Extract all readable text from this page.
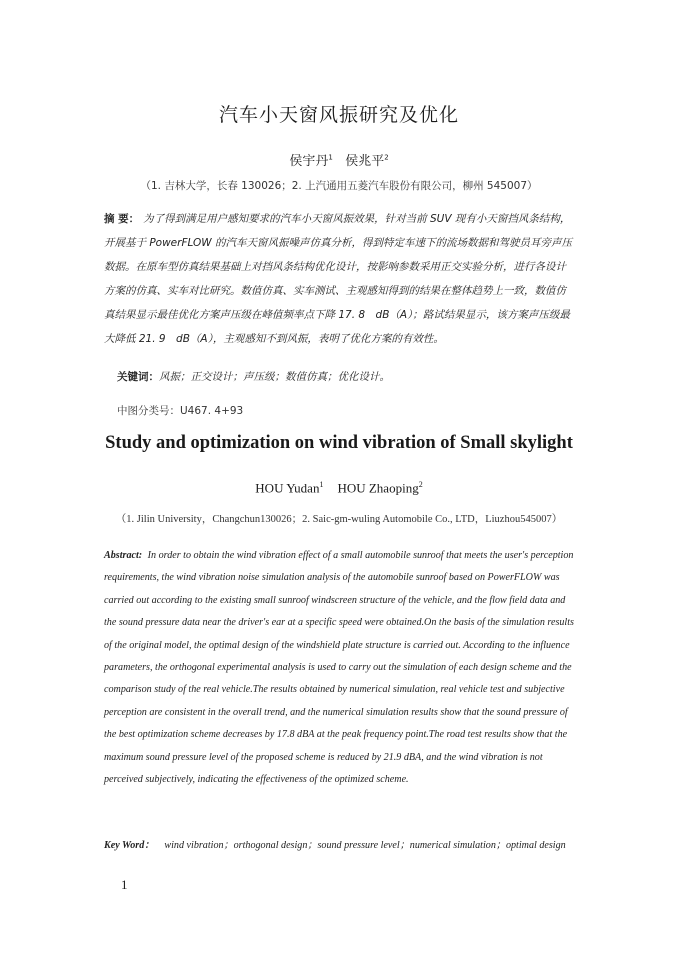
汽车小天窗风振研究及优化
侯宇丹$^1$ 侯兆平$^2$
（1. 吉林大学，长春 130026；2. 上汽通用五菱汽车股份有限公司，柳州 545007）

摘 要： 为了得到满足用户感知要求的汽车小天窗风振效果，针对当前 SUV 现有小天窗挡风条结构，开展基于 PowerFLOW 的汽车天窗风振噪声仿真分析，得到特定车速下的流场数据和驾驶员耳旁声压数据。在原车型仿真结果基础上对挡风条结构优化设计，按影响参数采用正交实验分析，进行各设计方案的仿真、实车对比研究。数值仿真、实车测试、主观感知得到的结果在整体趋势上一致，数值仿真结果显示最佳优化方案声压级在峰值频率点下降 17. 8　dB（A）；路试结果显示，该方案声压级最大降低 21. 9　dB（A），主观感知不到风振，表明了优化方案的有效性。

关键词：风振；正交设计；声压级；数值仿真；优化设计。
中图分类号：U467. 4+93
Study and optimization on wind vibration of Small skylight
HOU Yudan$^1$ HOU Zhaoping$^2$
（1. Jilin University，Changchun130026；2. Saic-gm-wuling Automobile Co., LTD，Liuzhou545007）

Abstract: In order to obtain the wind vibration effect of a small automobile sunroof that meets the user's perception requirements, the wind vibration noise simulation analysis of the automobile sunroof based on PowerFLOW was carried out according to the existing small sunroof windscreen structure of the vehicle, and the flow field data and the sound pressure data near the driver's ear at a specific speed were obtained.On the basis of the simulation results of the original model, the optimal design of the windshield plate structure is carried out. According to the influence parameters, the orthogonal experimental analysis is used to carry out the simulation of each design scheme and the comparison study of the real vehicle.The results obtained by numerical simulation, real vehicle test and subjective perception are consistent in the overall trend, and the numerical simulation results show that the sound pressure of the best optimization scheme decreases by 17.8 dBA at the peak frequency point.The road test results show that the maximum sound pressure level of the proposed scheme is reduced by 21.9 dBA, and the wind vibration is not perceived subjectively, indicating the effectiveness of the optimized scheme.

Key Word： wind vibration；orthogonal design；sound pressure level；numerical simulation；optimal design

1
